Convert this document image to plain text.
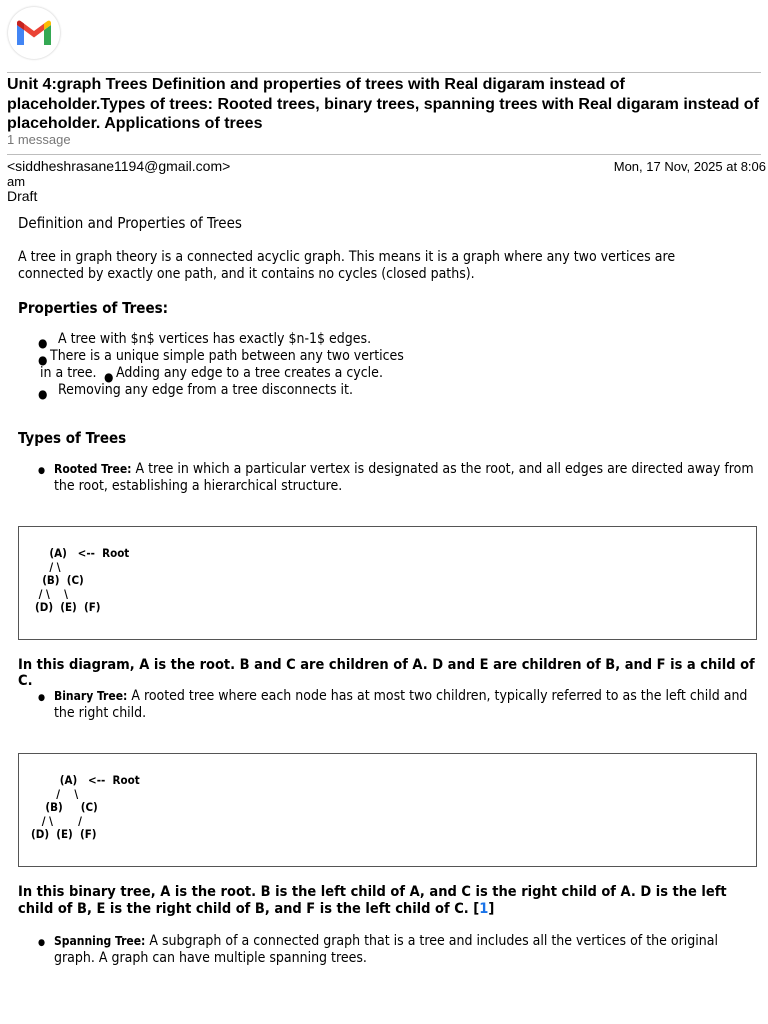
Unit 4:graph Trees Definition and properties of trees with Real digaram instead of placeholder.Types of trees: Rooted trees, binary trees, spanning trees with Real digaram instead of placeholder. Applications of trees
1 message
<siddheshrasane1194@gmail.com>	Mon, 17 Nov, 2025 at 8:06
am
Draft
Definition and Properties of Trees
A tree in graph theory is a connected acyclic graph. This means it is a graph where any two vertices are connected by exactly one path, and it contains no cycles (closed paths).
Properties of Trees:
● A tree with $n$ vertices has exactly $n-1$ edges.
● There is a unique simple path between any two vertices
in a tree. ● Adding any edge to a tree creates a cycle.
● Removing any edge from a tree disconnects it.
Types of Trees
● Rooted Tree: A tree in which a particular vertex is designated as the root, and all edges are directed away from the root, establishing a hierarchical structure.
(A)   <--  Root
/ \
(B)  (C)
/ \    \
(D)  (E)  (F)
In this diagram, A is the root. B and C are children of A. D and E are children of B, and F is a child of C.
● Binary Tree: A rooted tree where each node has at most two children, typically referred to as the left child and the right child.
(A)   <--  Root
/    \
(B)     (C)
/ \       /
(D)  (E)  (F)
In this binary tree, A is the root. B is the left child of A, and C is the right child of A. D is the left child of B, E is the right child of B, and F is the left child of C. [1]
● Spanning Tree: A subgraph of a connected graph that is a tree and includes all the vertices of the original graph. A graph can have multiple spanning trees.
